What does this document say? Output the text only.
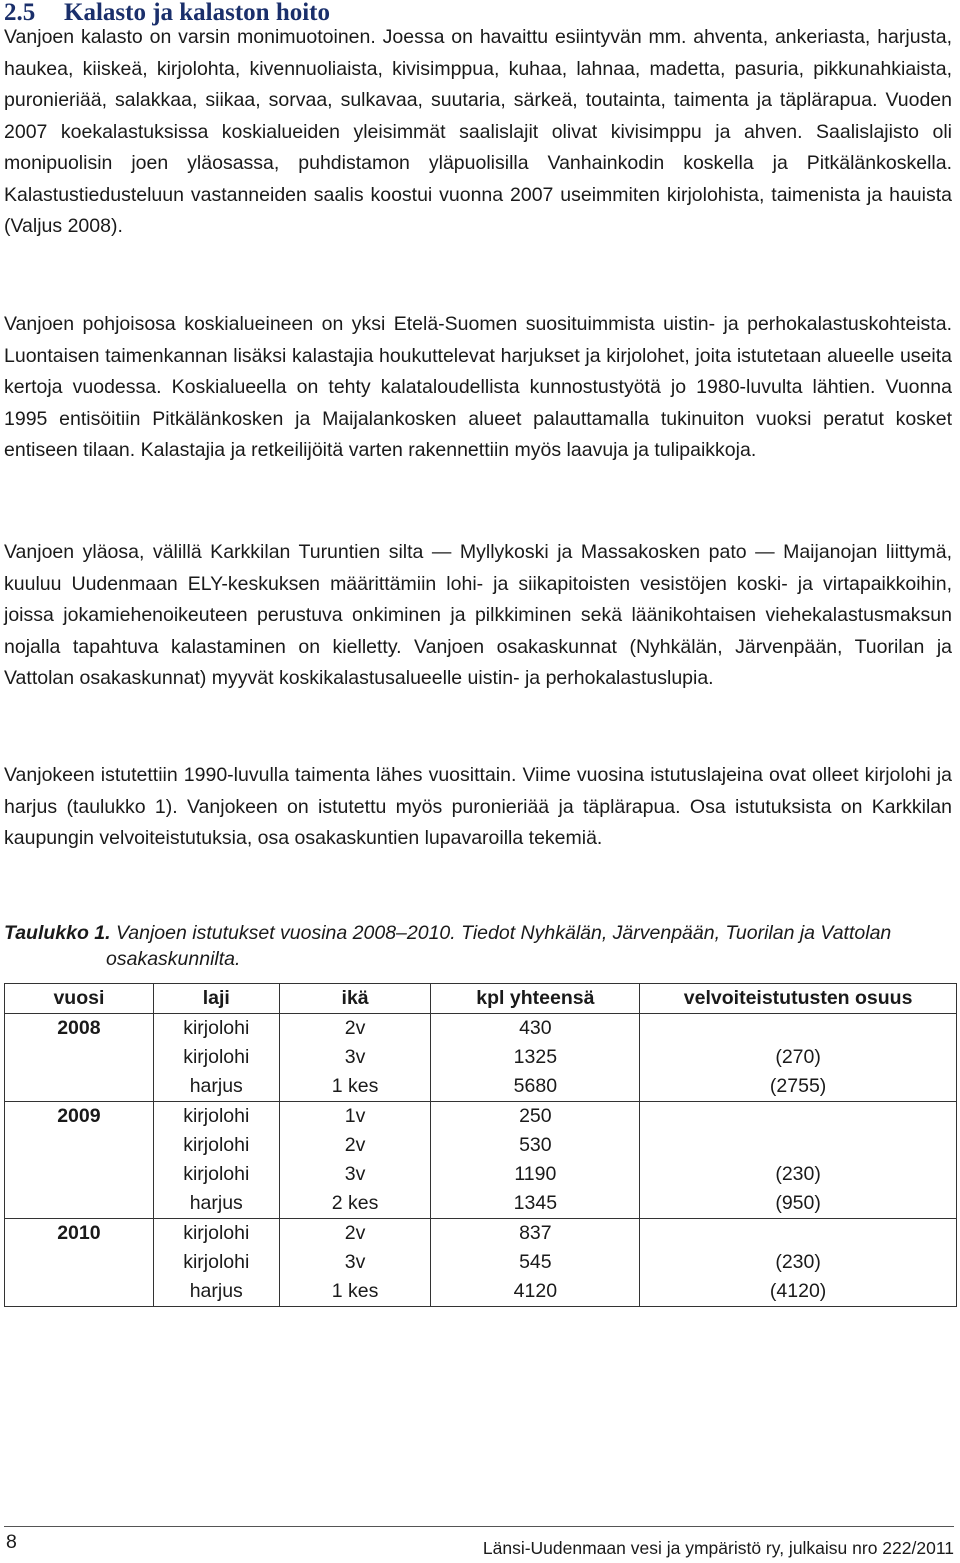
2.5 Kalasto ja kalaston hoito

Vanjoen kalasto on varsin monimuotoinen. Joessa on havaittu esiintyvän mm. ahventa, ankeriasta, harjusta, haukea, kiiskeä, kirjolohta, kivennuoliaista, kivisimppua, kuhaa, lahnaa, madetta, pasuria, pikkunahkiaista, puronieriää, salakkaa, siikaa, sorvaa, sulkavaa, suutaria, särkeä, toutainta, taimenta ja täplärapua. Vuoden 2007 koekalastuksissa koskialueiden yleisimmät saalislajit olivat kivisimppu ja ahven. Saalislajisto oli monipuolisin joen yläosassa, puhdistamon yläpuolisilla Vanhainkodin koskella ja Pitkälänkoskella. Kalastustiedusteluun vastanneiden saalis koostui vuonna 2007 useimmiten kirjolohista, taimenista ja hauista (Valjus 2008).

Vanjoen pohjoisosa koskialueineen on yksi Etelä-Suomen suosituimmista uistin- ja perhokalastuskohteista. Luontaisen taimenkannan lisäksi kalastajia houkuttelevat harjukset ja kirjolohet, joita istutetaan alueelle useita kertoja vuodessa. Koskialueella on tehty kalataloudellista kunnostustyötä jo 1980-luvulta lähtien. Vuonna 1995 entisöitiin Pitkälänkosken ja Maijalankosken alueet palauttamalla tukinuiton vuoksi peratut kosket entiseen tilaan. Kalastajia ja retkeilijöitä varten rakennettiin myös laavuja ja tulipaikkoja.

Vanjoen yläosa, välillä Karkkilan Turuntien silta — Myllykoski ja Massakosken pato — Maijanojan liittymä, kuuluu Uudenmaan ELY-keskuksen määrittämiin lohi- ja siikapitoisten vesistöjen koski- ja virtapaikkoihin, joissa jokamiehenoikeuteen perustuva onkiminen ja pilkkiminen sekä läänikohtaisen viehekalastusmaksun nojalla tapahtuva kalastaminen on kielletty. Vanjoen osakaskunnat (Nyhkälän, Järvenpään, Tuorilan ja Vattolan osakaskunnat) myyvät koskikalastusalueelle uistin- ja perhokalastuslupia.

Vanjokeen istutettiin 1990-luvulla taimenta lähes vuosittain. Viime vuosina istutuslajeina ovat olleet kirjolohi ja harjus (taulukko 1). Vanjokeen on istutettu myös puronieriää ja täplärapua. Osa istutuksista on Karkkilan kaupungin velvoiteistutuksia, osa osakaskuntien lupavaroilla tekemiä.

Taulukko 1. Vanjoen istutukset vuosina 2008–2010. Tiedot Nyhkälän, Järvenpään, Tuorilan ja Vattolan
osakaskunnilta.

vuosi	laji	ikä	kpl yhteensä	velvoiteistutusten osuus
2008	kirjolohi	2v	430	
	kirjolohi	3v	1325	(270)
	harjus	1 kes	5680	(2755)
2009	kirjolohi	1v	250	
	kirjolohi	2v	530	
	kirjolohi	3v	1190	(230)
	harjus	2 kes	1345	(950)
2010	kirjolohi	2v	837	
	kirjolohi	3v	545	(230)
	harjus	1 kes	4120	(4120)
8	Länsi-Uudenmaan vesi ja ympäristö ry, julkaisu nro 222/2011
